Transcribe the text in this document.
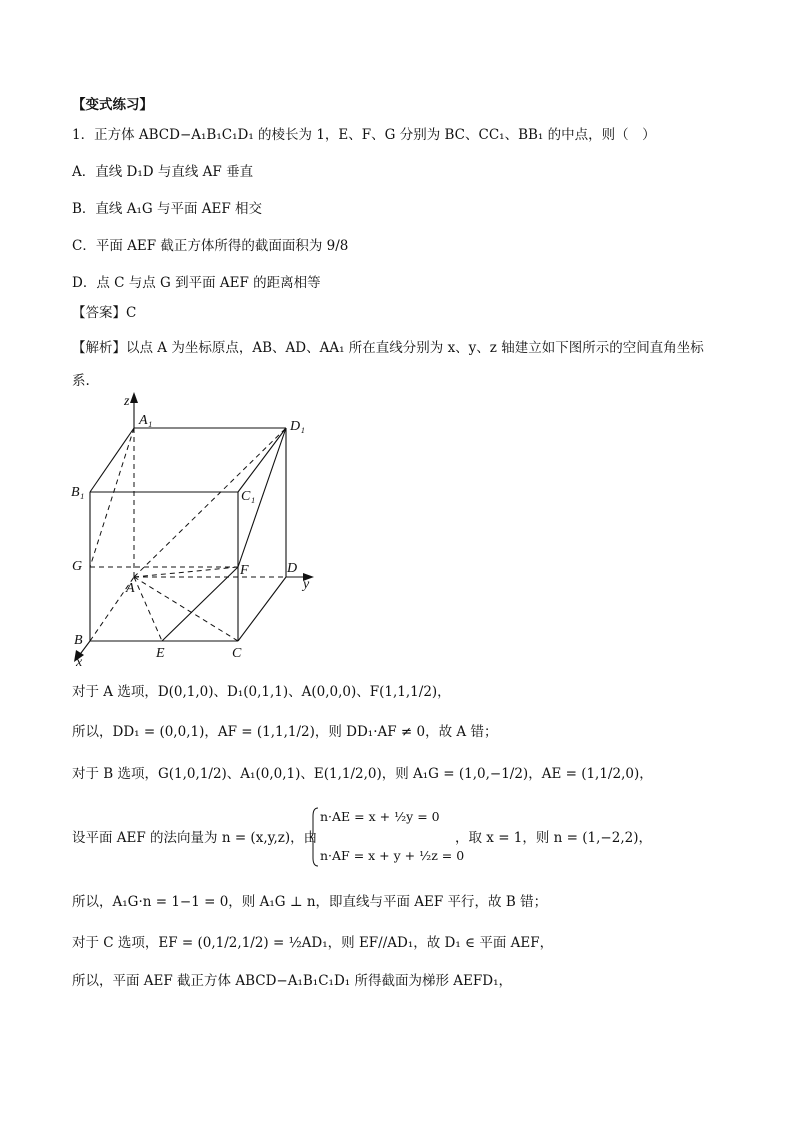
【变式练习】
1．正方体 ABCD−A₁B₁C₁D₁ 的棱长为 1，E、F、G 分别为 BC、CC₁、BB₁ 的中点，则（　）
A．直线 D₁D 与直线 AF 垂直
B．直线 A₁G 与平面 AEF 相交
C．平面 AEF 截正方体所得的截面面积为 9/8
D．点 C 与点 G 到平面 AEF 的距离相等
【答案】C
【解析】以点 A 为坐标原点，AB、AD、AA₁ 所在直线分别为 x、y、z 轴建立如下图所示的空间直角坐标
系.
z
A₁	D₁
B₁	C₁
G	F	D
y
A
B
E	C
x
对于 A 选项，D(0,1,0)、D₁(0,1,1)、A(0,0,0)、F(1,1,1/2)，
所以，DD₁ = (0,0,1)，AF = (1,1,1/2)，则 DD₁·AF ≠ 0，故 A 错；
对于 B 选项，G(1,0,1/2)、A₁(0,0,1)、E(1,1/2,0)，则 A₁G = (1,0,−1/2)，AE = (1,1/2,0)，
设平面 AEF 的法向量为 n = (x,y,z)，由
n·AE = x + ½y = 0
n·AF = x + y + ½z = 0
，取 x = 1，则 n = (1,−2,2)，
所以，A₁G·n = 1−1 = 0，则 A₁G ⊥ n，即直线与平面 AEF 平行，故 B 错；
对于 C 选项，EF = (0,1/2,1/2) = ½AD₁，则 EF//AD₁，故 D₁ ∈ 平面 AEF，
所以，平面 AEF 截正方体 ABCD−A₁B₁C₁D₁ 所得截面为梯形 AEFD₁，
